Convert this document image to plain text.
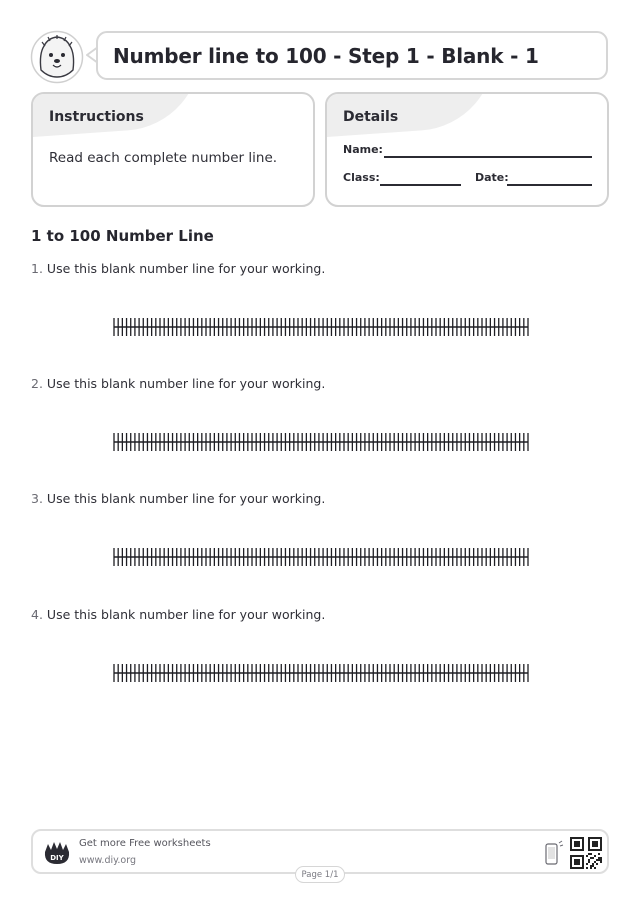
Number line to 100 - Step 1 - Blank - 1
Instructions
Read each complete number line.
Details
Name:
Class:	Date:
1 to 100 Number Line
1. Use this blank number line for your working.
2. Use this blank number line for your working.
3. Use this blank number line for your working.
4. Use this blank number line for your working.
DIY
Get more Free worksheets
www.diy.org
Page 1/1
